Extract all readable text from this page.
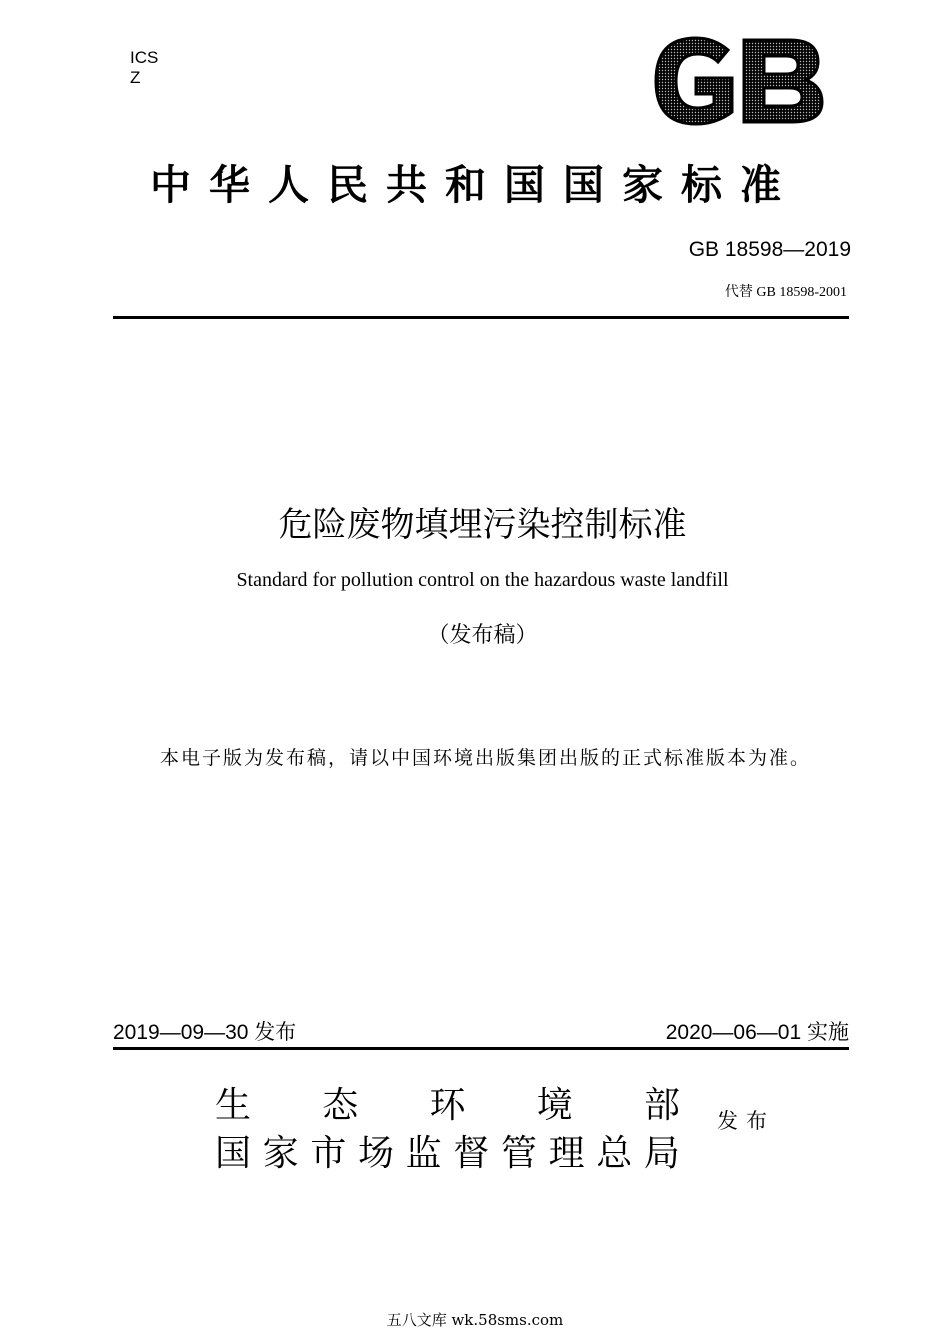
ICS
Z
GB
中华人民共和国国家标准
GB 18598—2019
代替 GB 18598-2001
危险废物填埋污染控制标准
Standard for pollution control on the hazardous waste landfill
（发布稿）
本电子版为发布稿，请以中国环境出版集团出版的正式标准版本为准。
2019—09—30 发布	2020—06—01 实施
生 态 环 境 部
国 家 市 场 监 督 管 理 总 局
发布
五八文库 wk.58sms.com
